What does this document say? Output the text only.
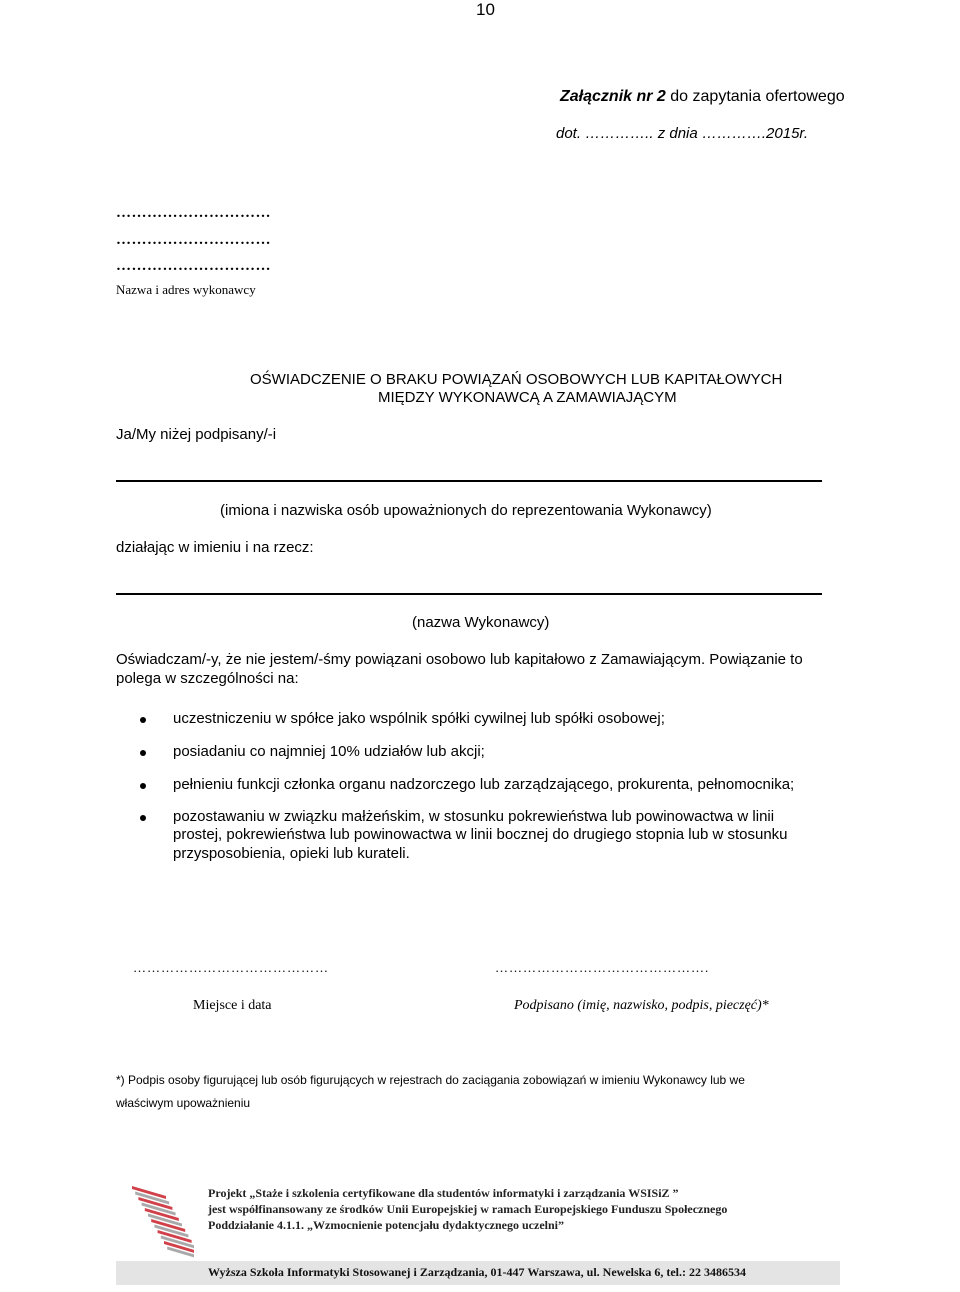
10
Załącznik nr 2 do zapytania ofertowego
dot. ………….. z dnia ………….2015r.
…………………………
…………………………
…………………………
Nazwa i adres wykonawcy
OŚWIADCZENIE O BRAKU POWIĄZAŃ OSOBOWYCH LUB KAPITAŁOWYCH
MIĘDZY WYKONAWCĄ A ZAMAWIAJĄCYM
Ja/My niżej podpisany/-i
(imiona i nazwiska osób upoważnionych do reprezentowania Wykonawcy)
działając w imieniu i na rzecz:
(nazwa Wykonawcy)
Oświadczam/-y, że nie jestem/-śmy powiązani osobowo lub kapitałowo z Zamawiającym. Powiązanie to
polega w szczególności na:
uczestniczeniu w spółce jako wspólnik spółki cywilnej lub spółki osobowej;
posiadaniu co najmniej 10% udziałów lub akcji;
pełnieniu funkcji członka organu nadzorczego lub zarządzającego, prokurenta, pełnomocnika;
pozostawaniu w związku małżeńskim, w stosunku pokrewieństwa lub powinowactwa w linii
prostej, pokrewieństwa lub powinowactwa w linii bocznej do drugiego stopnia lub w stosunku
przysposobienia, opieki lub kurateli.
……………………………………	……………………………………….
Miejsce i data	Podpisano (imię, nazwisko, podpis, pieczęć)*
*) Podpis osoby figurującej lub osób figurujących w rejestrach do zaciągania zobowiązań w imieniu Wykonawcy lub we
właściwym upoważnieniu
Projekt „Staże i szkolenia certyfikowane dla studentów informatyki i zarządzania WSISiZ ”
jest współfinansowany ze środków Unii Europejskiej w ramach Europejskiego Funduszu Społecznego
Poddziałanie 4.1.1. „Wzmocnienie potencjału dydaktycznego uczelni”
Wyższa Szkoła Informatyki Stosowanej i Zarządzania, 01-447 Warszawa, ul. Newelska 6, tel.: 22 3486534
